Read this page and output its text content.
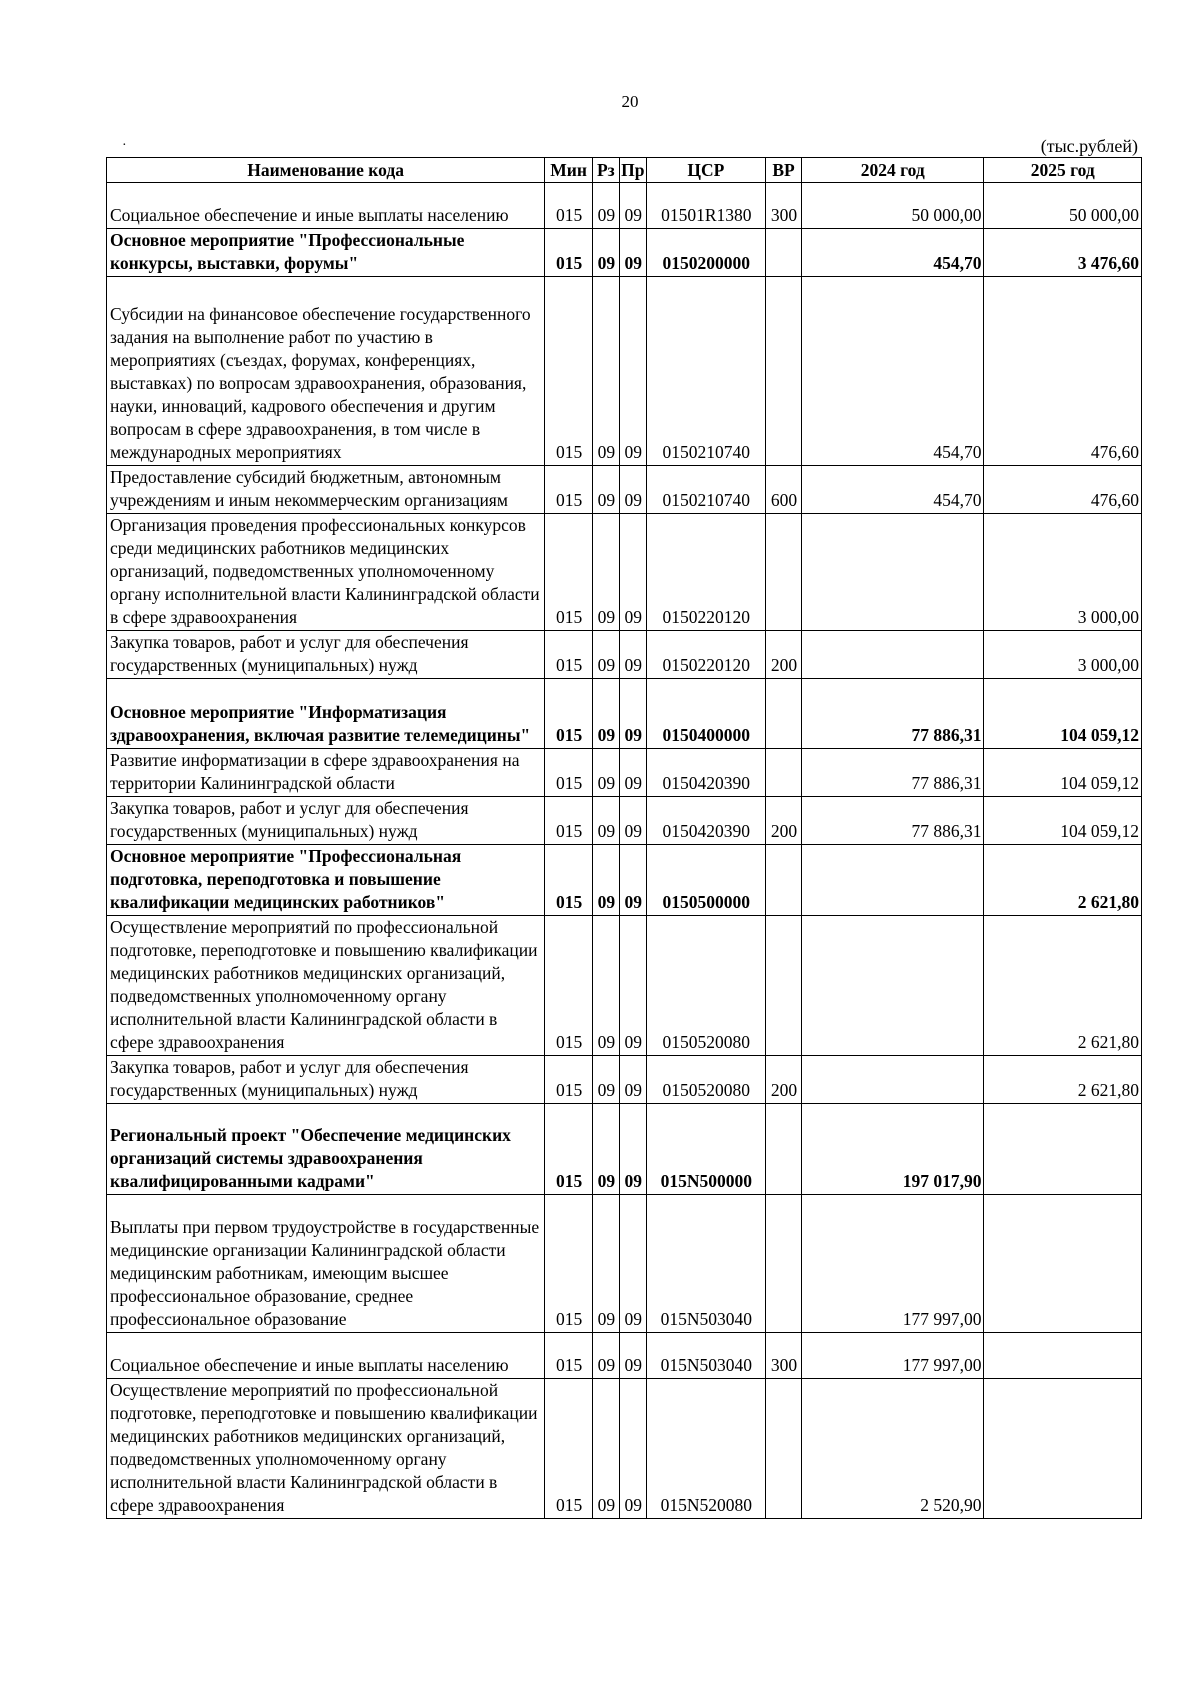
20
·	(тыс.рублей)
Наименование кода	Мин	Рз	Пр	ЦСР	ВР	2024 год	2025 год
Социальное обеспечение и иные выплаты населению	015	09	09	01501R1380	300	50 000,00	50 000,00
Основное мероприятие "Профессиональные конкурсы, выставки, форумы"	015	09	09	0150200000		454,70	3 476,60
Субсидии на финансовое обеспечение государственного задания на выполнение работ по участию в мероприятиях (съездах, форумах, конференциях, выставках) по вопросам здравоохранения, образования, науки, инноваций, кадрового обеспечения и другим вопросам в сфере здравоохранения, в том числе в международных мероприятиях	015	09	09	0150210740		454,70	476,60
Предоставление субсидий бюджетным, автономным учреждениям и иным некоммерческим организациям	015	09	09	0150210740	600	454,70	476,60
Организация проведения профессиональных конкурсов среди медицинских работников медицинских организаций, подведомственных уполномоченному органу исполнительной власти Калининградской области в сфере здравоохранения	015	09	09	0150220120			3 000,00
Закупка товаров, работ и услуг для обеспечения государственных (муниципальных) нужд	015	09	09	0150220120	200		3 000,00
Основное мероприятие "Информатизация здравоохранения, включая развитие телемедицины"	015	09	09	0150400000		77 886,31	104 059,12
Развитие информатизации в сфере здравоохранения на территории Калининградской области	015	09	09	0150420390		77 886,31	104 059,12
Закупка товаров, работ и услуг для обеспечения государственных (муниципальных) нужд	015	09	09	0150420390	200	77 886,31	104 059,12
Основное мероприятие "Профессиональная подготовка, переподготовка и повышение квалификации медицинских работников"	015	09	09	0150500000			2 621,80
Осуществление мероприятий по профессиональной подготовке, переподготовке и повышению квалификации медицинских работников медицинских организаций, подведомственных уполномоченному органу исполнительной власти Калининградской области в сфере здравоохранения	015	09	09	0150520080			2 621,80
Закупка товаров, работ и услуг для обеспечения государственных (муниципальных) нужд	015	09	09	0150520080	200		2 621,80
Региональный проект "Обеспечение медицинских организаций системы здравоохранения квалифицированными кадрами"	015	09	09	015N500000		197 017,90	
Выплаты при первом трудоустройстве в государственные медицинские организации Калининградской области медицинским работникам, имеющим высшее профессиональное образование, среднее профессиональное образование	015	09	09	015N503040		177 997,00	
Социальное обеспечение и иные выплаты населению	015	09	09	015N503040	300	177 997,00	
Осуществление мероприятий по профессиональной подготовке, переподготовке и повышению квалификации медицинских работников медицинских организаций, подведомственных уполномоченному органу исполнительной власти Калининградской области в сфере здравоохранения	015	09	09	015N520080		2 520,90	
